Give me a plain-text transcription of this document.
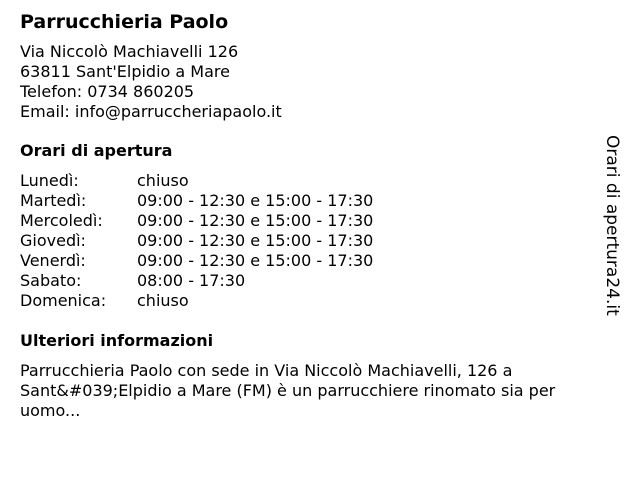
Parrucchieria Paolo
Via Niccolò Machiavelli 126
63811 Sant'Elpidio a Mare
Telefon: 0734 860205
Email: info@parruccheriapaolo.it
Orari di apertura
Lunedì:	chiuso
Martedì:	09:00 - 12:30 e 15:00 - 17:30
Mercoledì:	09:00 - 12:30 e 15:00 - 17:30
Giovedì:	09:00 - 12:30 e 15:00 - 17:30
Venerdì:	09:00 - 12:30 e 15:00 - 17:30
Sabato:	08:00 - 17:30
Domenica:	chiuso
Ulteriori informazioni
Parrucchieria Paolo con sede in Via Niccolò Machiavelli, 126 a Sant&#039;Elpidio a Mare (FM) è un parrucchiere rinomato sia per uomo...
Orari di apertura24.it
